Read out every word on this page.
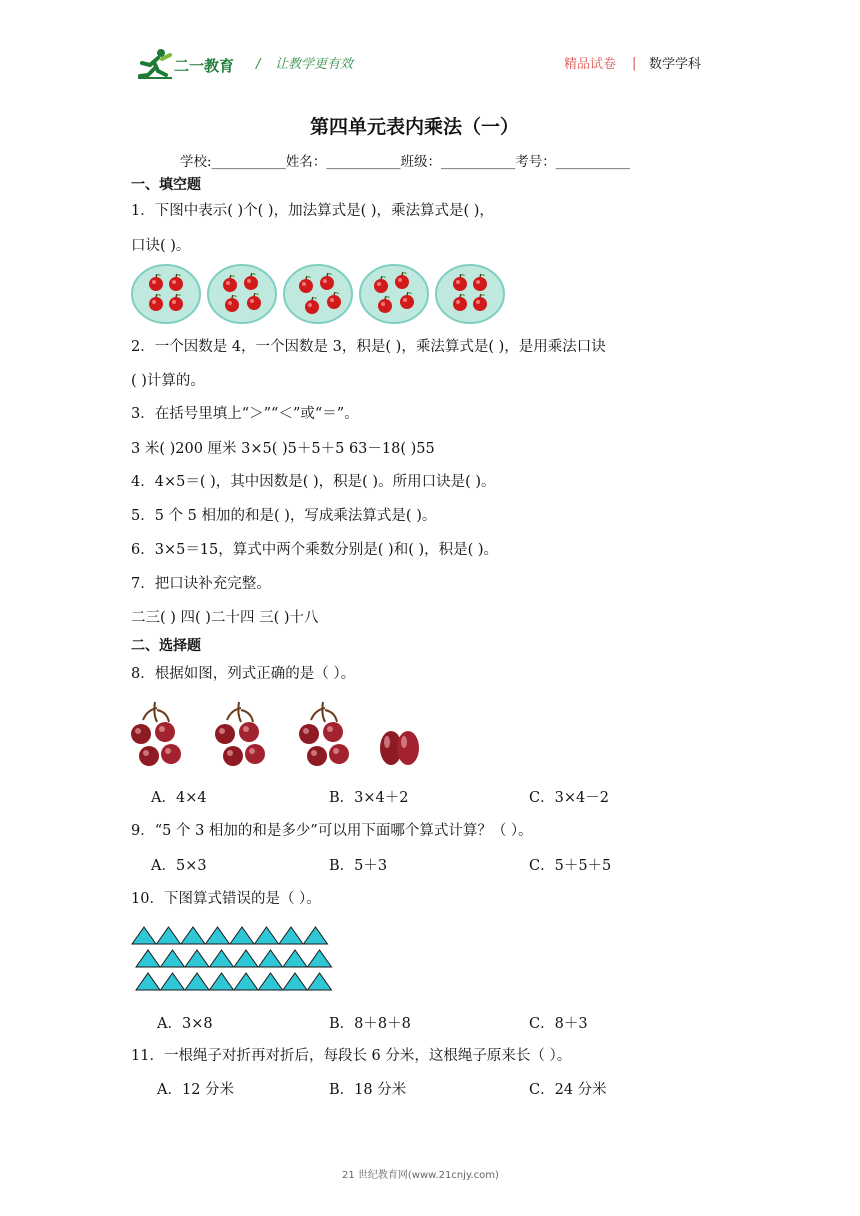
二一教育 / 让教学更有效	精品试卷 | 数学学科
第四单元表内乘法（一）
学校:___________姓名：___________班级：___________考号：___________
一、填空题
1．下图中表示( )个( )，加法算式是( )，乘法算式是( )，
口诀( )。
2．一个因数是 4，一个因数是 3，积是( )，乘法算式是( )，是用乘法口诀
( )计算的。
3．在括号里填上“＞”“＜”或“＝”。
3 米( )200 厘米 3×5( )5＋5＋5 63－18( )55
4．4×5＝( )，其中因数是( )，积是( )。所用口诀是( )。
5．5 个 5 相加的和是( )，写成乘法算式是( )。
6．3×5＝15，算式中两个乘数分别是( )和( )，积是( )。
7．把口诀补充完整。
二三( ) 四( )二十四 三( )十八
二、选择题
8．根据如图，列式正确的是（ ）。
A．4×4	B．3×4＋2	C．3×4－2
9．“5 个 3 相加的和是多少”可以用下面哪个算式计算？（ ）。
A．5×3	B．5＋3	C．5＋5＋5
10．下图算式错误的是（ ）。
A．3×8	B．8＋8＋8	C．8＋3
11．一根绳子对折再对折后，每段长 6 分米，这根绳子原来长（ ）。
A．12 分米	B．18 分米	C．24 分米
21 世纪教育网(www.21cnjy.com)
